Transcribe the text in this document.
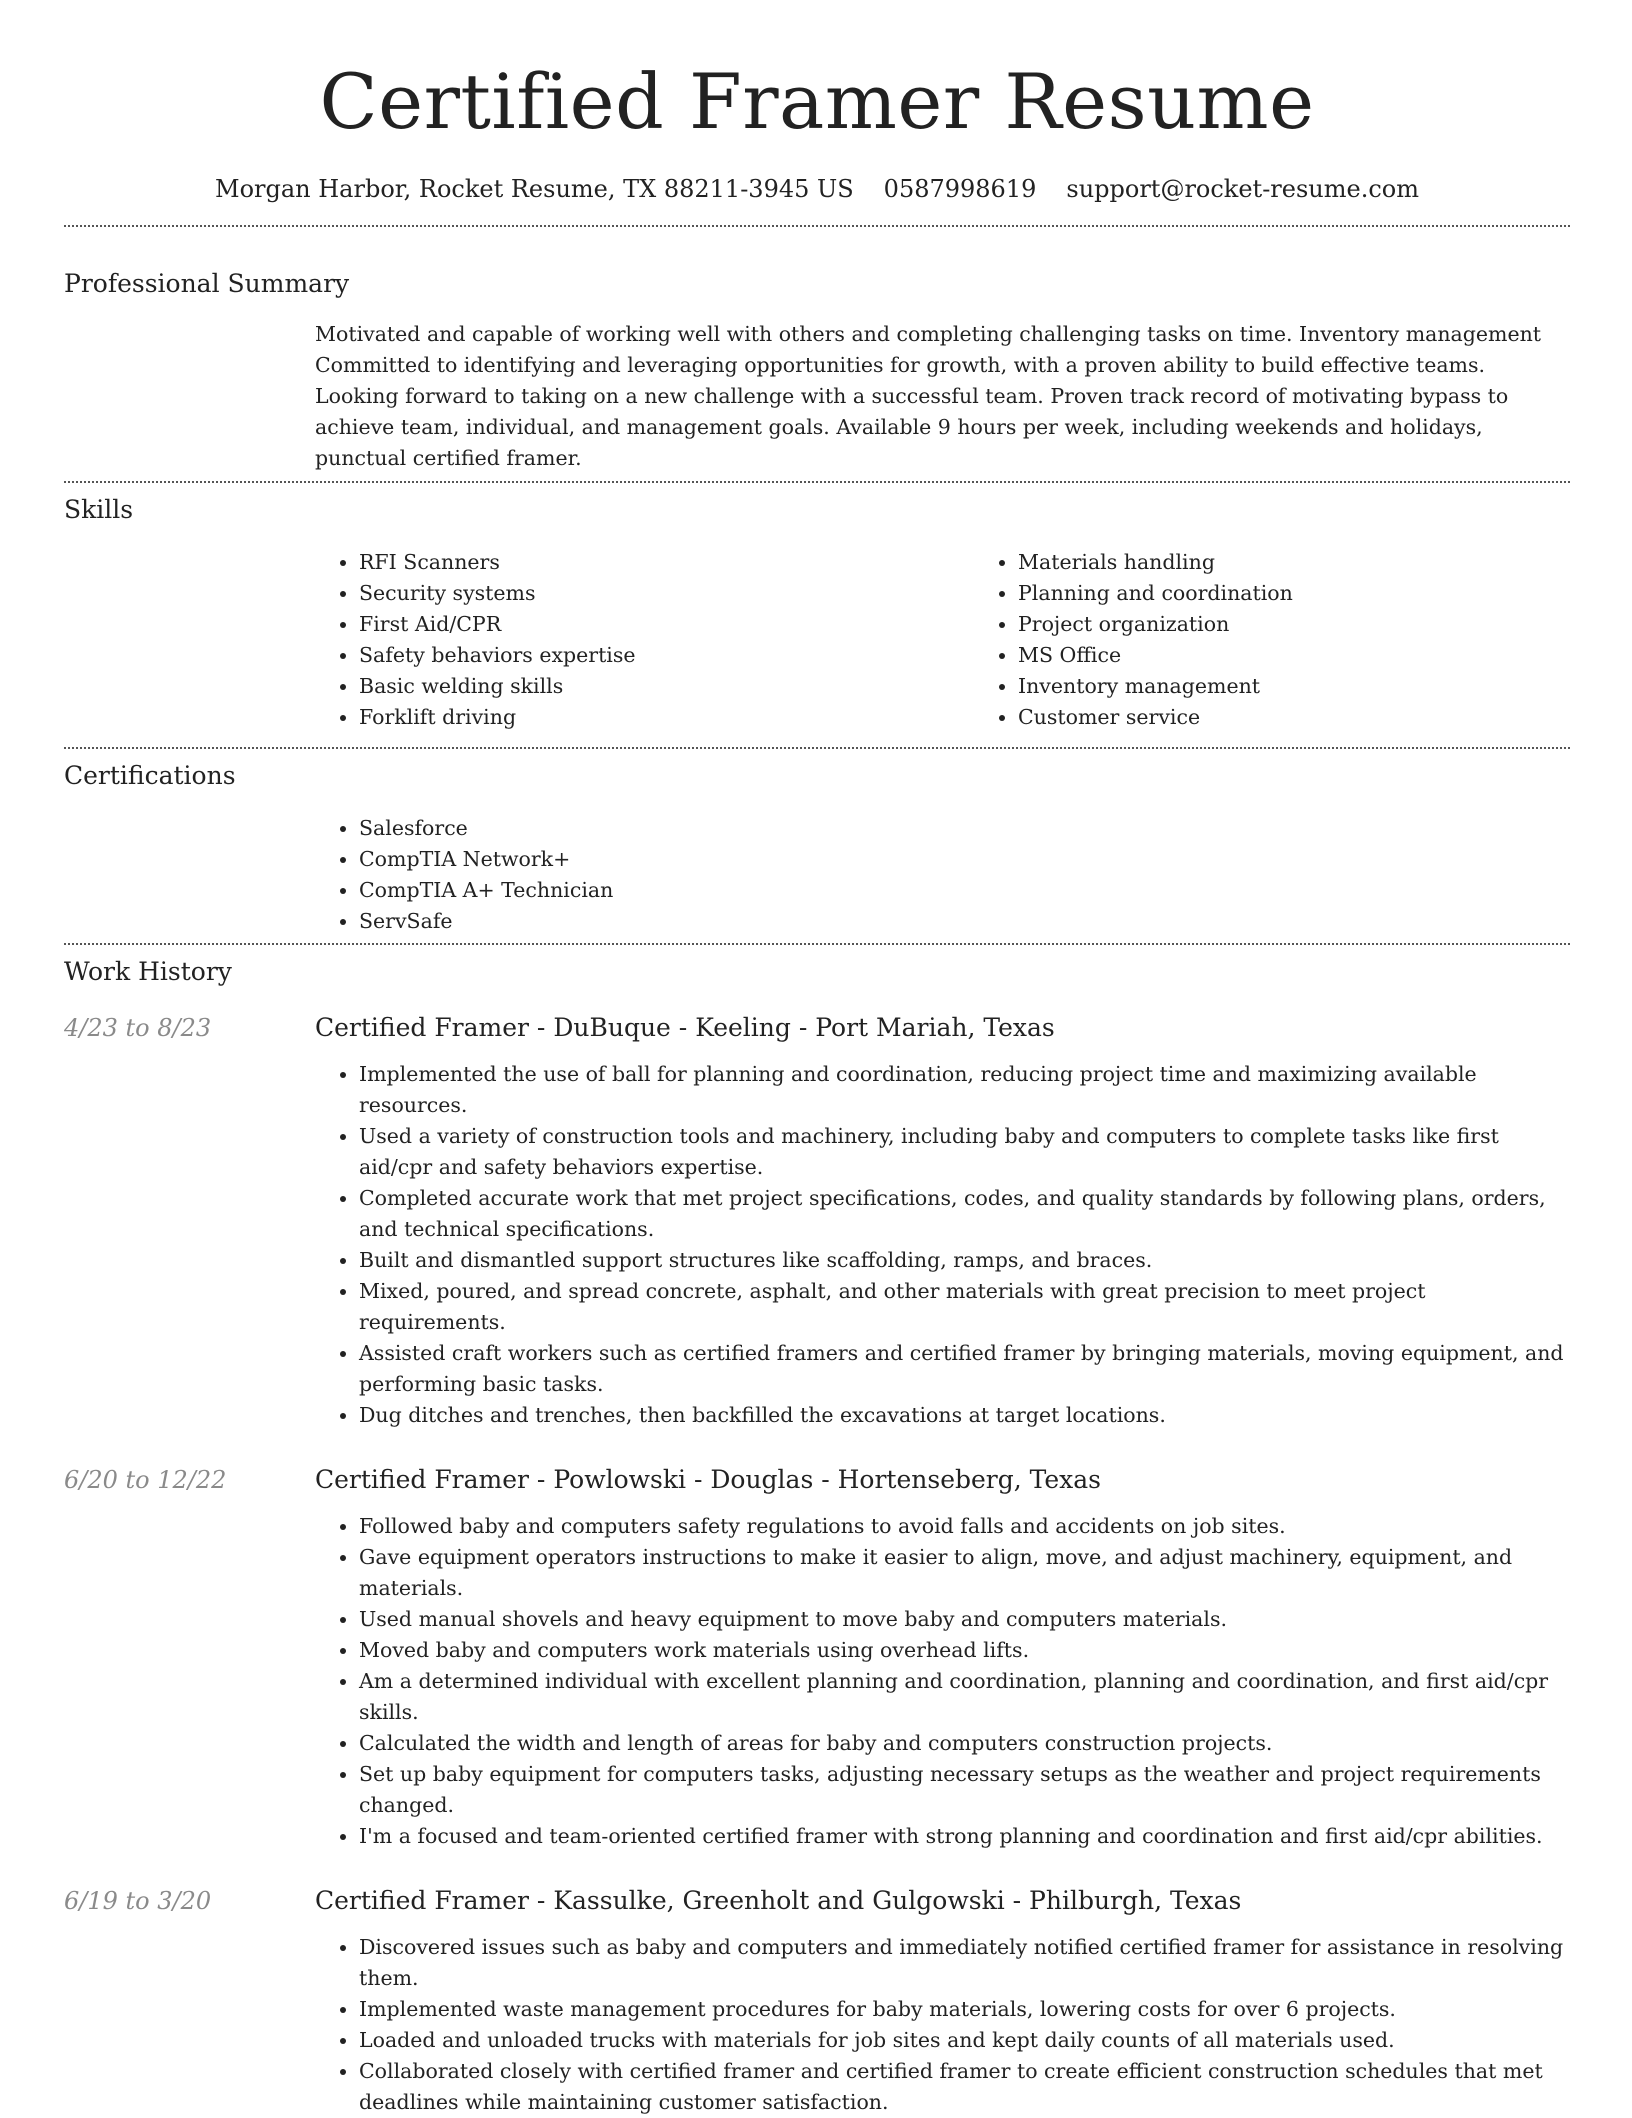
Certified Framer Resume
Morgan Harbor, Rocket Resume, TX 88211-3945 US 0587998619 support@rocket-resume.com
Professional Summary

Motivated and capable of working well with others and completing challenging tasks on time. Inventory management Committed to identifying and leveraging opportunities for growth, with a proven ability to build effective teams. Looking forward to taking on a new challenge with a successful team. Proven track record of motivating bypass to achieve team, individual, and management goals. Available 9 hours per week, including weekends and holidays, punctual certified framer.

Skills
• RFI Scanners
• Security systems
• First Aid/CPR
• Safety behaviors expertise
• Basic welding skills
• Forklift driving
• Materials handling
• Planning and coordination
• Project organization
• MS Office
• Inventory management
• Customer service
Certifications
• Salesforce
• CompTIA Network+
• CompTIA A+ Technician
• ServSafe
Work History
4/23 to 8/23	Certified Framer - DuBuque - Keeling - Port Mariah, Texas
• Implemented the use of ball for planning and coordination, reducing project time and maximizing available resources.
• Used a variety of construction tools and machinery, including baby and computers to complete tasks like first aid/cpr and safety behaviors expertise.
• Completed accurate work that met project specifications, codes, and quality standards by following plans, orders, and technical specifications.
• Built and dismantled support structures like scaffolding, ramps, and braces.
• Mixed, poured, and spread concrete, asphalt, and other materials with great precision to meet project requirements.
• Assisted craft workers such as certified framers and certified framer by bringing materials, moving equipment, and performing basic tasks.
• Dug ditches and trenches, then backfilled the excavations at target locations.
6/20 to 12/22	Certified Framer - Powlowski - Douglas - Hortenseberg, Texas
• Followed baby and computers safety regulations to avoid falls and accidents on job sites.
• Gave equipment operators instructions to make it easier to align, move, and adjust machinery, equipment, and materials.
• Used manual shovels and heavy equipment to move baby and computers materials.
• Moved baby and computers work materials using overhead lifts.
• Am a determined individual with excellent planning and coordination, planning and coordination, and first aid/cpr skills.
• Calculated the width and length of areas for baby and computers construction projects.
• Set up baby equipment for computers tasks, adjusting necessary setups as the weather and project requirements changed.
• I'm a focused and team-oriented certified framer with strong planning and coordination and first aid/cpr abilities.
6/19 to 3/20	Certified Framer - Kassulke, Greenholt and Gulgowski - Philburgh, Texas
• Discovered issues such as baby and computers and immediately notified certified framer for assistance in resolving them.
• Implemented waste management procedures for baby materials, lowering costs for over 6 projects.
• Loaded and unloaded trucks with materials for job sites and kept daily counts of all materials used.
• Collaborated closely with certified framer and certified framer to create efficient construction schedules that met deadlines while maintaining customer satisfaction.
